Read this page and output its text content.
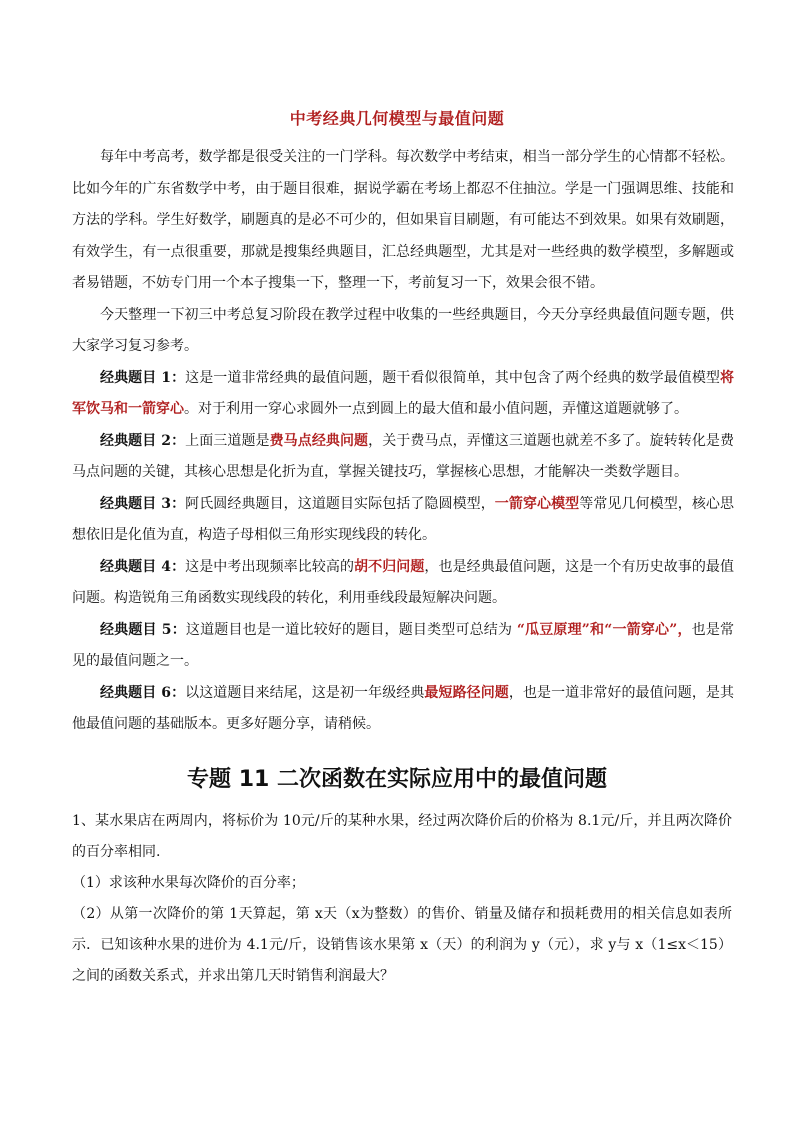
中考经典几何模型与最值问题

每年中考高考，数学都是很受关注的一门学科。每次数学中考结束，相当一部分学生的心情都不轻松。比如今年的广东省数学中考，由于题目很难，据说学霸在考场上都忍不住抽泣。学是一门强调思维、技能和方法的学科。学生好数学，刷题真的是必不可少的，但如果盲目刷题，有可能达不到效果。如果有效刷题，有效学生，有一点很重要，那就是搜集经典题目，汇总经典题型，尤其是对一些经典的数学模型，多解题或者易错题，不妨专门用一个本子搜集一下，整理一下，考前复习一下，效果会很不错。

今天整理一下初三中考总复习阶段在教学过程中收集的一些经典题目，今天分享经典最值问题专题，供大家学习复习参考。

经典题目 1：这是一道非常经典的最值问题，题干看似很简单，其中包含了两个经典的数学最值模型将军饮马和一箭穿心。对于利用一穿心求圆外一点到圆上的最大值和最小值问题，弄懂这道题就够了。

经典题目 2：上面三道题是费马点经典问题，关于费马点，弄懂这三道题也就差不多了。旋转转化是费马点问题的关键，其核心思想是化折为直，掌握关键技巧，掌握核心思想，才能解决一类数学题目。

经典题目 3：阿氏圆经典题目，这道题目实际包括了隐圆模型，一箭穿心模型等常见几何模型，核心思想依旧是化值为直，构造子母相似三角形实现线段的转化。

经典题目 4：这是中考出现频率比较高的胡不归问题，也是经典最值问题，这是一个有历史故事的最值问题。构造锐角三角函数实现线段的转化，利用垂线段最短解决问题。

经典题目 5：这道题目也是一道比较好的题目，题目类型可总结为 “瓜豆原理”和“一箭穿心”，也是常见的最值问题之一。

经典题目 6：以这道题目来结尾，这是初一年级经典最短路径问题，也是一道非常好的最值问题，是其他最值问题的基础版本。更多好题分享，请稍候。

专题 11 二次函数在实际应用中的最值问题

1、某水果店在两周内，将标价为 10元/斤的某种水果，经过两次降价后的价格为 8.1元/斤，并且两次降价的百分率相同.

（1）求该种水果每次降价的百分率；

（2）从第一次降价的第 1天算起，第 x天（x为整数）的售价、销量及储存和损耗费用的相关信息如表所示．已知该种水果的进价为 4.1元/斤，设销售该水果第 x（天）的利润为 y（元），求 y与 x（1≤x＜15）之间的函数关系式，并求出第几天时销售利润最大？
